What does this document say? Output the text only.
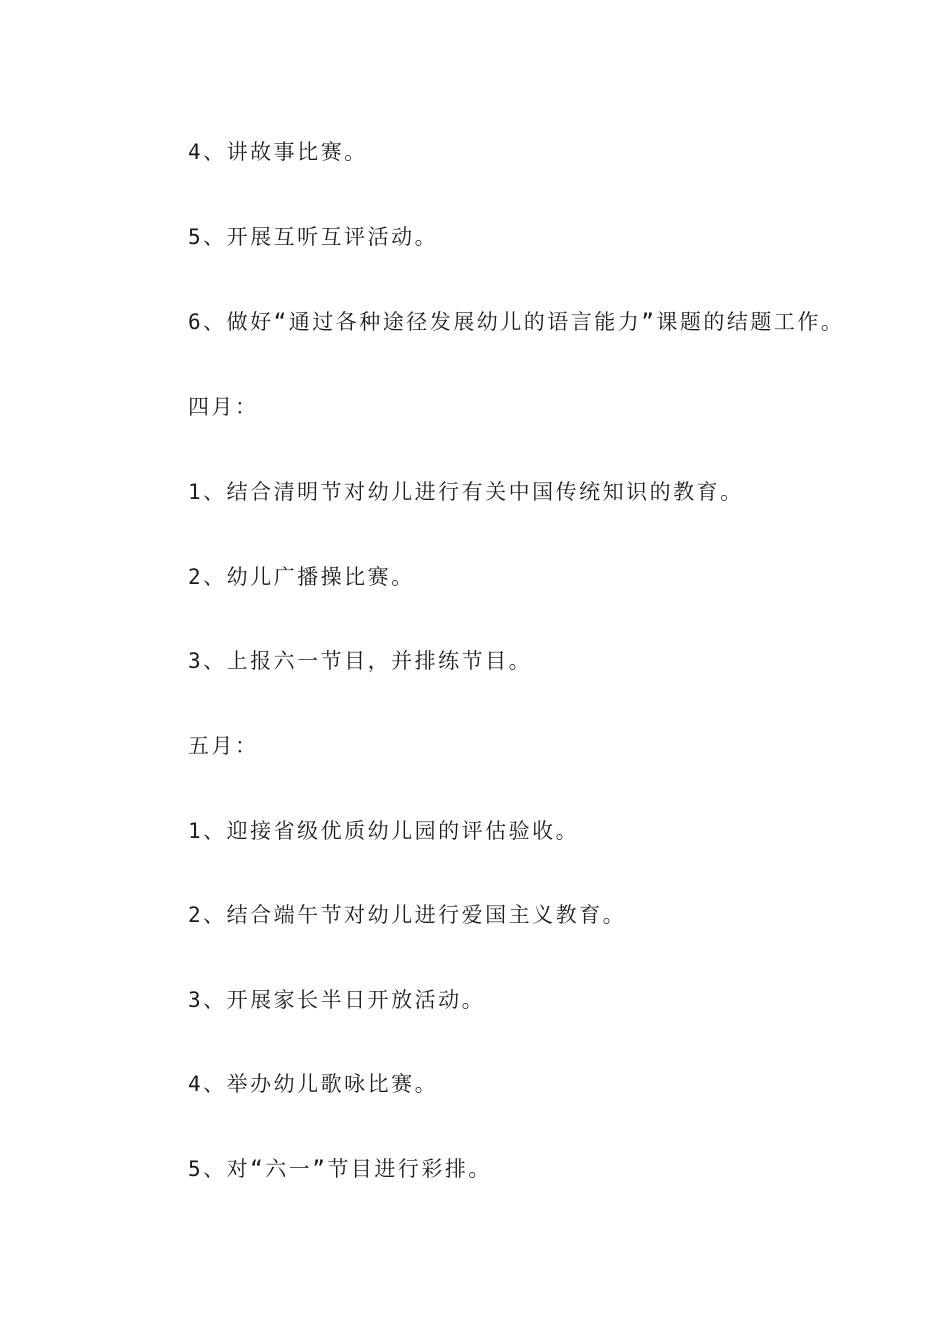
4、讲故事比赛。

5、开展互听互评活动。

6、做好“通过各种途径发展幼儿的语言能力”课题的结题工作。

四月：

1、结合清明节对幼儿进行有关中国传统知识的教育。

2、幼儿广播操比赛。

3、上报六一节目，并排练节目。

五月：

1、迎接省级优质幼儿园的评估验收。

2、结合端午节对幼儿进行爱国主义教育。

3、开展家长半日开放活动。

4、举办幼儿歌咏比赛。

5、对“六一”节目进行彩排。
